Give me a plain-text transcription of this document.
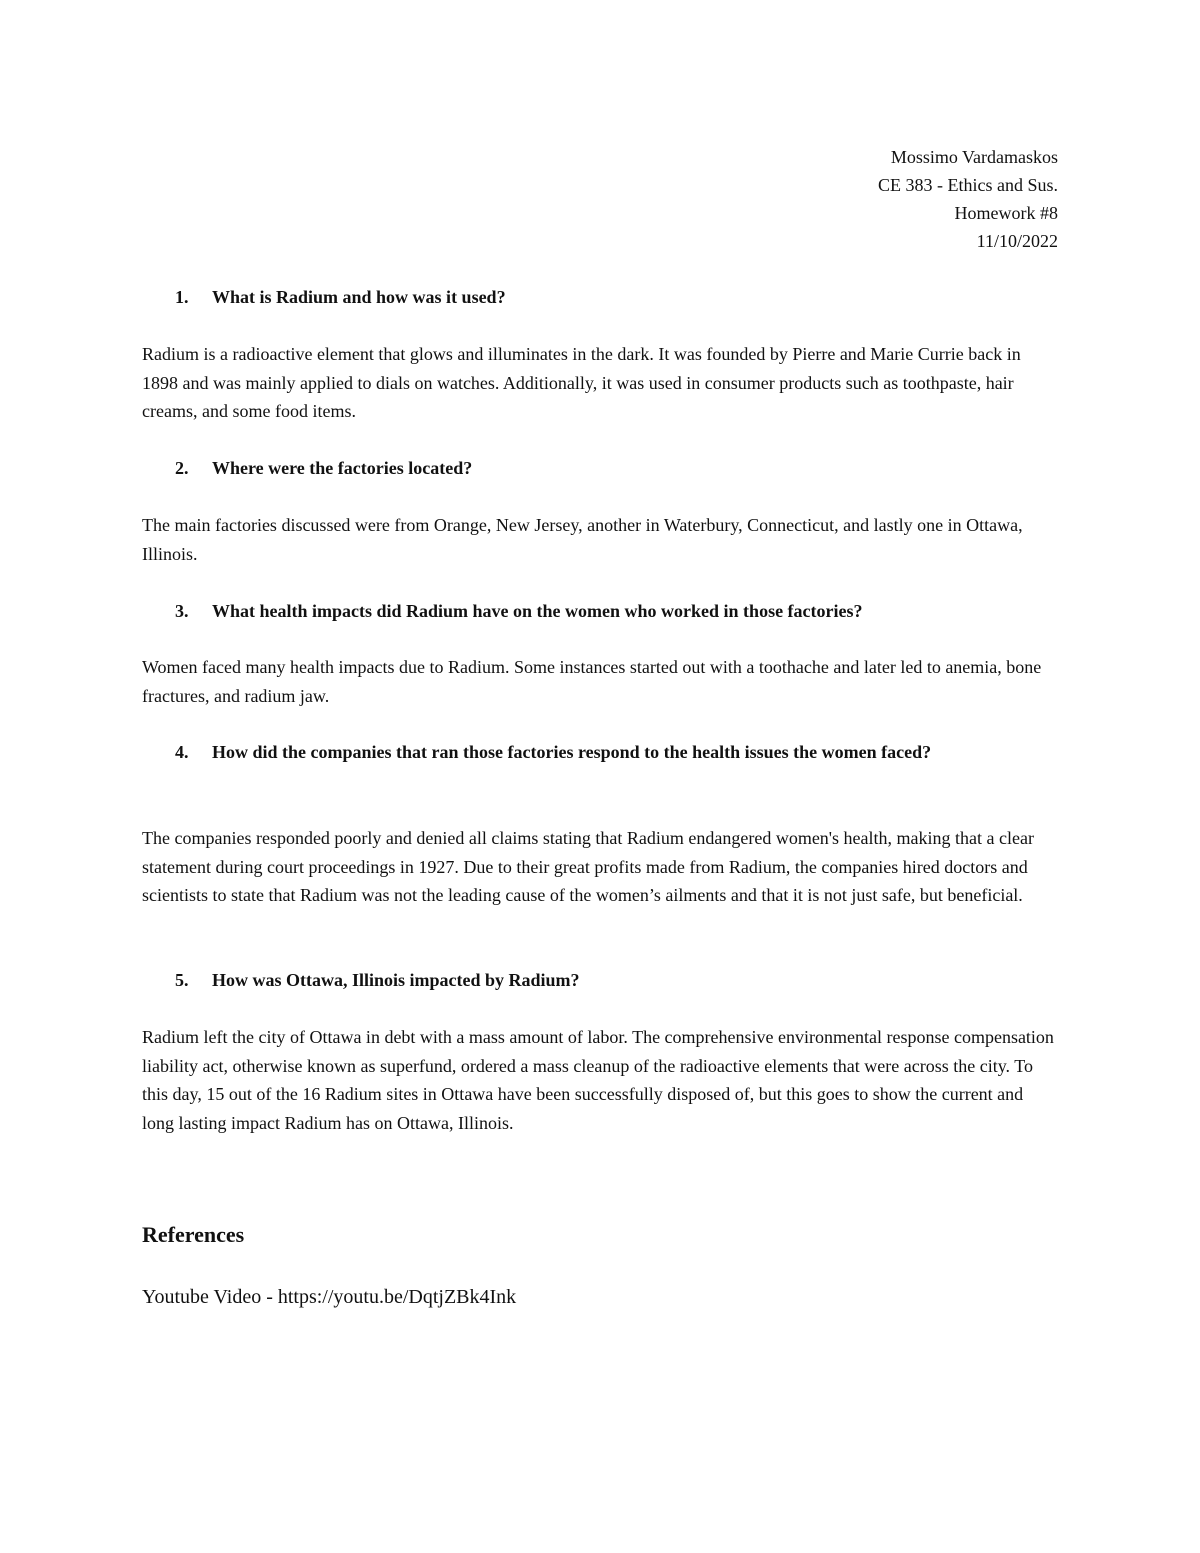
Mossimo Vardamaskos
CE 383 - Ethics and Sus.
Homework #8
11/10/2022
1. What is Radium and how was it used?

Radium is a radioactive element that glows and illuminates in the dark. It was founded by Pierre and Marie Currie back in 1898 and was mainly applied to dials on watches. Additionally, it was used in consumer products such as toothpaste, hair creams, and some food items.

2. Where were the factories located?

The main factories discussed were from Orange, New Jersey, another in Waterbury, Connecticut, and lastly one in Ottawa, Illinois.

3. What health impacts did Radium have on the women who worked in those factories?

Women faced many health impacts due to Radium. Some instances started out with a toothache and later led to anemia, bone fractures, and radium jaw.

4. How did the companies that ran those factories respond to the health issues the women faced?

The companies responded poorly and denied all claims stating that Radium endangered women's health, making that a clear statement during court proceedings in 1927. Due to their great profits made from Radium, the companies hired doctors and scientists to state that Radium was not the leading cause of the women’s ailments and that it is not just safe, but beneficial.

5. How was Ottawa, Illinois impacted by Radium?

Radium left the city of Ottawa in debt with a mass amount of labor. The comprehensive environmental response compensation liability act, otherwise known as superfund, ordered a mass cleanup of the radioactive elements that were across the city. To this day, 15 out of the 16 Radium sites in Ottawa have been successfully disposed of, but this goes to show the current and long lasting impact Radium has on Ottawa, Illinois.

References
Youtube Video - https://youtu.be/DqtjZBk4Ink
